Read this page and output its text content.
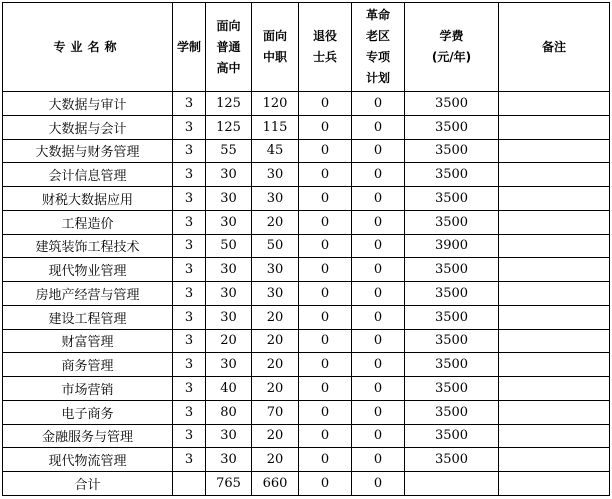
专业名称	学制	面向
普通
高中	面向
中职	退役
士兵	革命
老区
专项
计划	学费
(元/年)	备注

大数据与审计	3	125	120	0	0	3500	
大数据与会计	3	125	115	0	0	3500	
大数据与财务管理	3	55	45	0	0	3500	
会计信息管理	3	30	30	0	0	3500	
财税大数据应用	3	30	30	0	0	3500	
工程造价	3	30	20	0	0	3500	
建筑装饰工程技术	3	50	50	0	0	3900	
现代物业管理	3	30	30	0	0	3500	
房地产经营与管理	3	30	30	0	0	3500	
建设工程管理	3	30	20	0	0	3500	
财富管理	3	20	20	0	0	3500	
商务管理	3	30	20	0	0	3500	
市场营销	3	40	20	0	0	3500	
电子商务	3	80	70	0	0	3500	
金融服务与管理	3	30	20	0	0	3500	
现代物流管理	3	30	20	0	0	3500	
合计		765	660	0	0		
